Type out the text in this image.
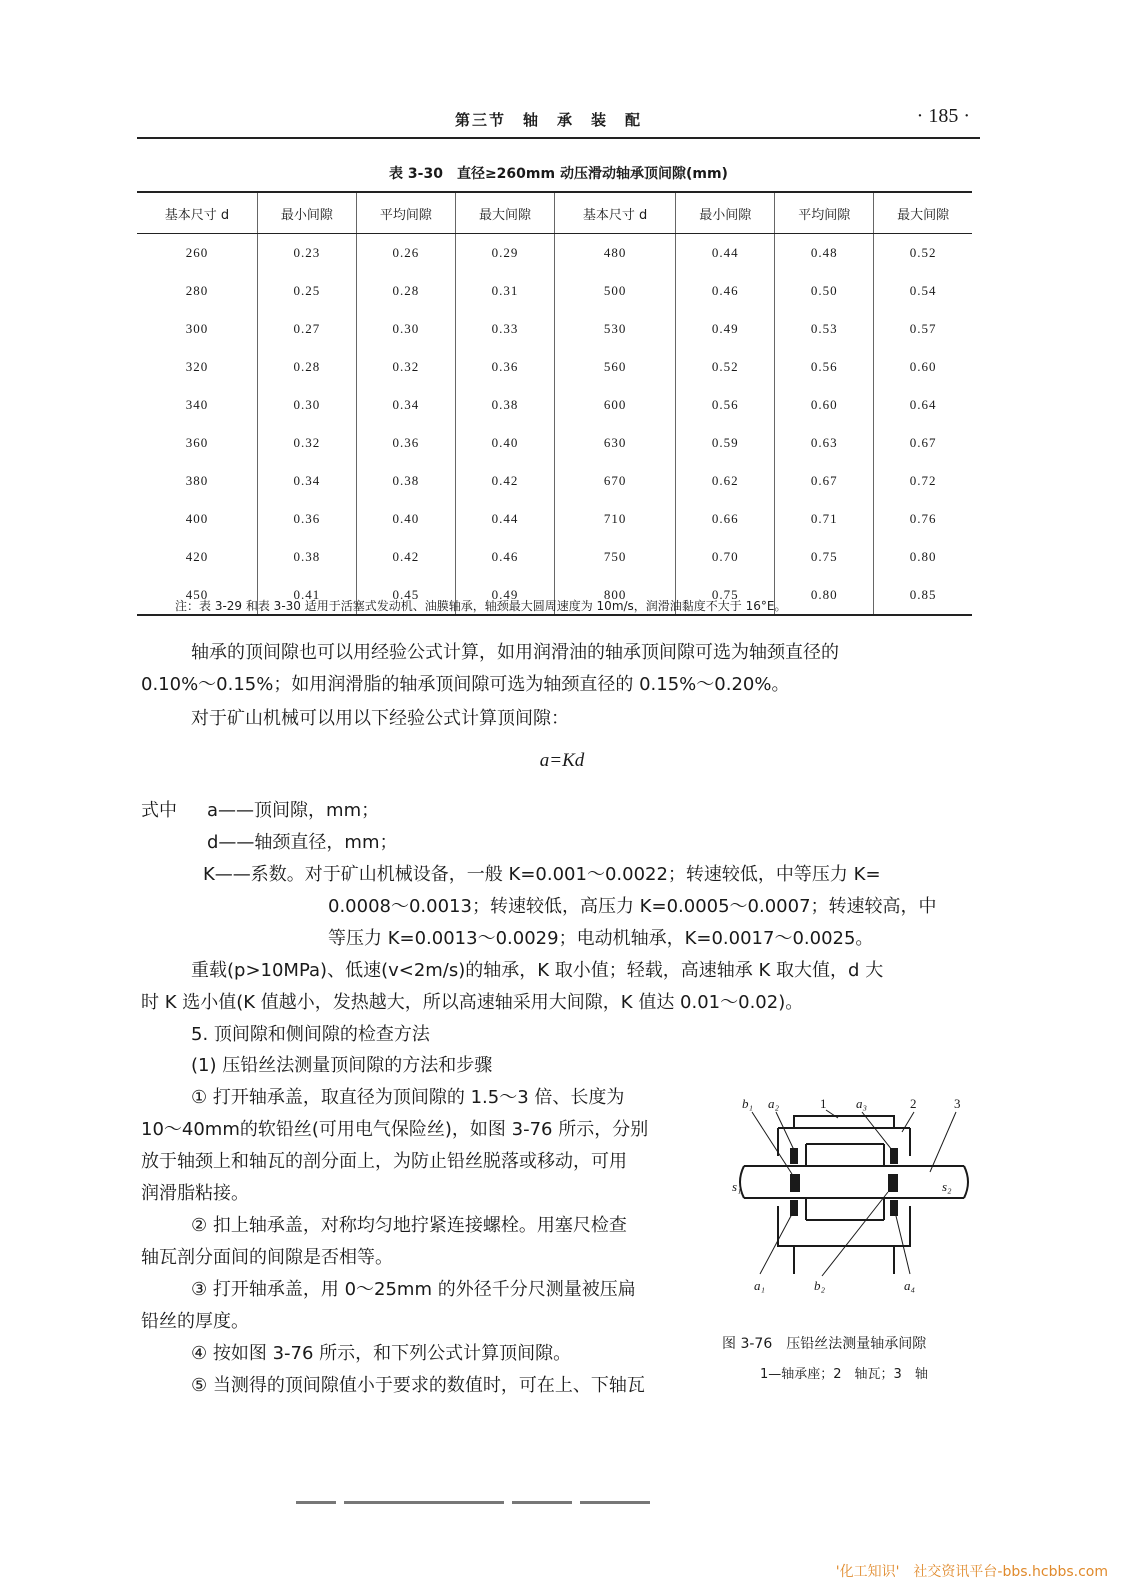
第三节　轴　承　装　配	· 185 ·
表 3-30　直径≥260mm 动压滑动轴承顶间隙(mm)
基本尺寸 d	最小间隙	平均间隙	最大间隙	基本尺寸 d	最小间隙	平均间隙	最大间隙
260	0.23	0.26	0.29	480	0.44	0.48	0.52
280	0.25	0.28	0.31	500	0.46	0.50	0.54
300	0.27	0.30	0.33	530	0.49	0.53	0.57
320	0.28	0.32	0.36	560	0.52	0.56	0.60
340	0.30	0.34	0.38	600	0.56	0.60	0.64
360	0.32	0.36	0.40	630	0.59	0.63	0.67
380	0.34	0.38	0.42	670	0.62	0.67	0.72
400	0.36	0.40	0.44	710	0.66	0.71	0.76
420	0.38	0.42	0.46	750	0.70	0.75	0.80
450	0.41	0.45	0.49	800	0.75	0.80	0.85
注：表 3-29 和表 3-30 适用于活塞式发动机、油膜轴承，轴颈最大圆周速度为 10m/s，润滑油黏度不大于 16°E。
轴承的顶间隙也可以用经验公式计算，如用润滑油的轴承顶间隙可选为轴颈直径的
0.10%～0.15%；如用润滑脂的轴承顶间隙可选为轴颈直径的 0.15%～0.20%。
对于矿山机械可以用以下经验公式计算顶间隙：
a=Kd
式中 a——顶间隙，mm；
d——轴颈直径，mm；
K——系数。对于矿山机械设备，一般 K=0.001～0.0022；转速较低，中等压力 K=
0.0008～0.0013；转速较低，高压力 K=0.0005～0.0007；转速较高，中
等压力 K=0.0013～0.0029；电动机轴承，K=0.0017～0.0025。
重载(p>10MPa)、低速(v<2m/s)的轴承，K 取小值；轻载，高速轴承 K 取大值，d 大
时 K 选小值(K 值越小，发热越大，所以高速轴采用大间隙，K 值达 0.01～0.02)。
5. 顶间隙和侧间隙的检查方法
(1) 压铅丝法测量顶间隙的方法和步骤
① 打开轴承盖，取直径为顶间隙的 1.5～3 倍、长度为
10～40mm的软铅丝(可用电气保险丝)，如图 3-76 所示，分别
放于轴颈上和轴瓦的剖分面上，为防止铅丝脱落或移动，可用
润滑脂粘接。
② 扣上轴承盖，对称均匀地拧紧连接螺栓。用塞尺检查
轴瓦剖分面间的间隙是否相等。
③ 打开轴承盖，用 0～25mm 的外径千分尺测量被压扁
铅丝的厚度。
④ 按如图 3-76 所示，和下列公式计算顶间隙。
⑤ 当测得的顶间隙值小于要求的数值时，可在上、下轴瓦
b₁ a₂	1 a₃	2	3
s₁	s₂
a₁	b₂	a₄
图 3-76　压铅丝法测量轴承间隙
1—轴承座；2　轴瓦；3　轴
'化工知识'　社交资讯平台-bbs.hcbbs.com
